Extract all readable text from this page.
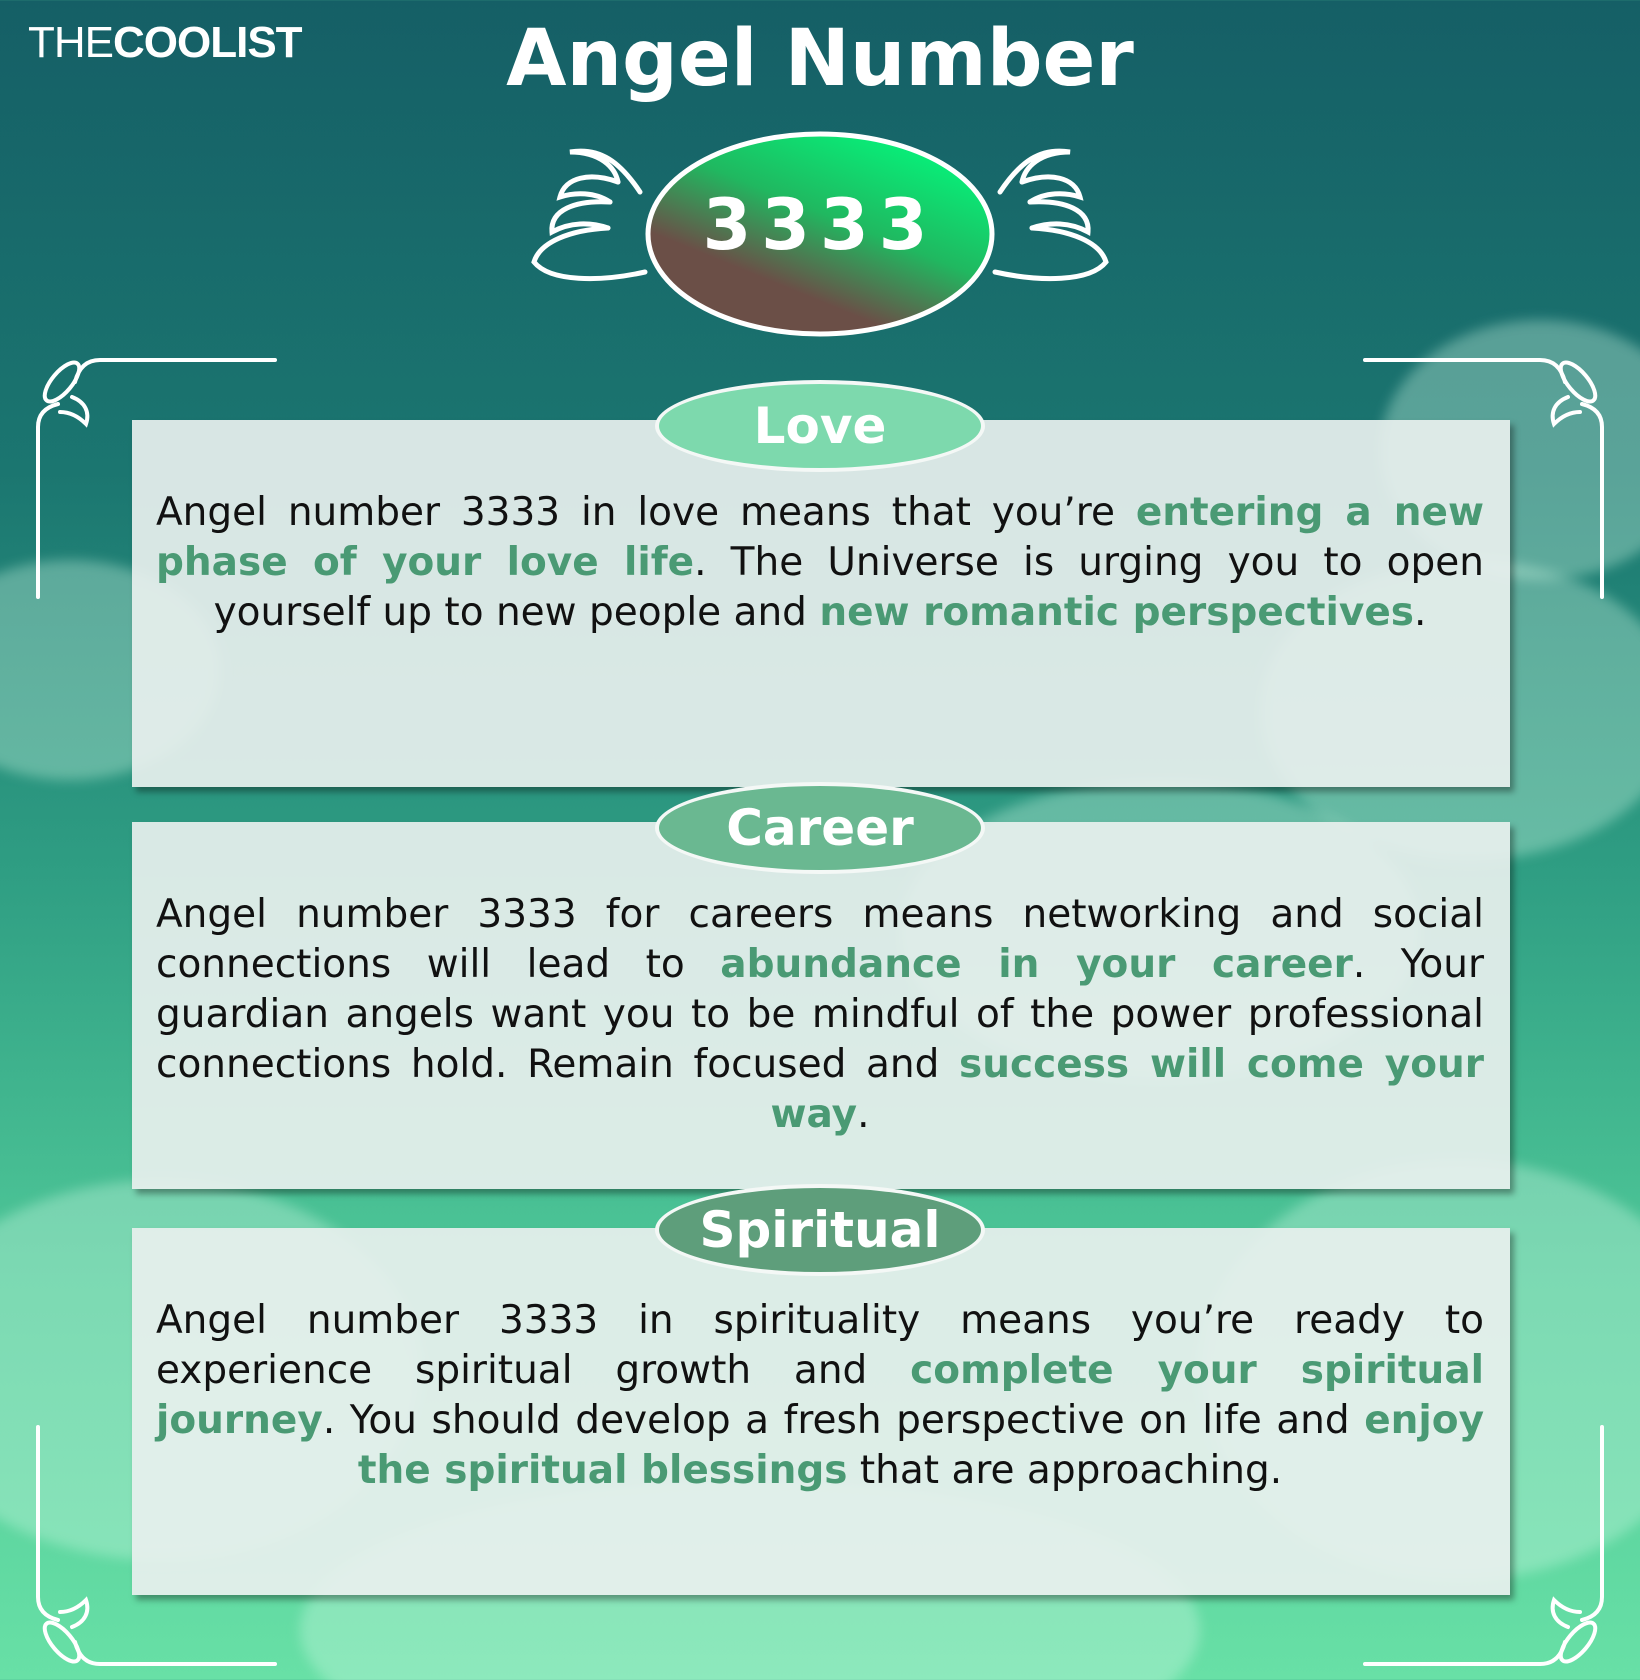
THECOOLIST	Angel Number
3333

Angel number 3333 in love means that you’re entering a new phase of your love life. The Universe is urging you to open yourself up to new people and new romantic perspectives.

Love

Angel number 3333 for careers means networking and social connections will lead to abundance in your career. Your guardian angels want you to be mindful of the power professional connections hold. Remain focused and success will come your way.

Career

Angel number 3333 in spirituality means you’re ready to experience spiritual growth and complete your spiritual journey. You should develop a fresh perspective on life and enjoy the spiritual blessings that are approaching.

Spiritual
